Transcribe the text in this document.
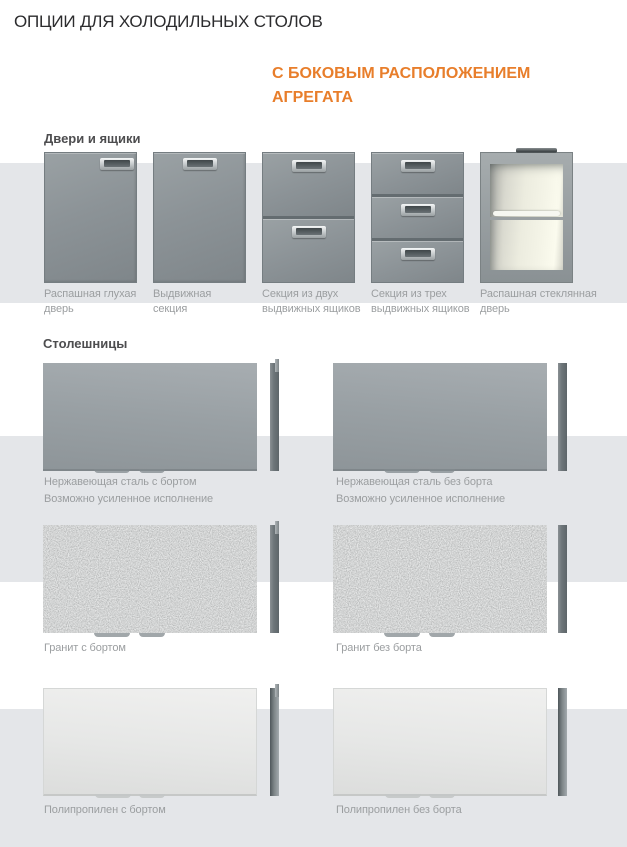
ОПЦИИ ДЛЯ ХОЛОДИЛЬНЫХ СТОЛОВ
С БОКОВЫМ РАСПОЛОЖЕНИЕМ
АГРЕГАТА
Двери и ящики
Распашная глухая
дверь
Выдвижная
секция
Секция из двух
выдвижных ящиков
Секция из трех
выдвижных ящиков
Распашная стеклянная
дверь
Столешницы
Нержавеющая сталь с бортом
Возможно усиленное исполнение
Нержавеющая сталь без борта
Возможно усиленное исполнение
Гранит с бортом	Гранит без борта
Полипропилен с бортом	Полипропилен без борта
